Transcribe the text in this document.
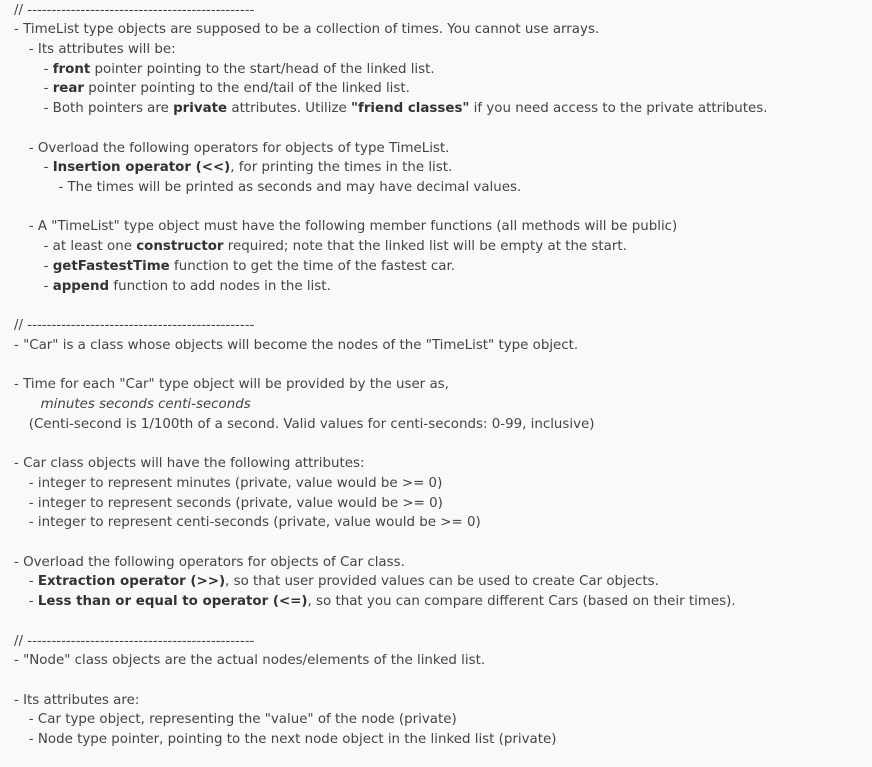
// -----------------------------------------------
- TimeList type objects are supposed to be a collection of times. You cannot use arrays.
- Its attributes will be:
- front pointer pointing to the start/head of the linked list.
- rear pointer pointing to the end/tail of the linked list.
- Both pointers are private attributes. Utilize "friend classes" if you need access to the private attributes.
- Overload the following operators for objects of type TimeList.
- Insertion operator (<<), for printing the times in the list.
- The times will be printed as seconds and may have decimal values.
- A "TimeList" type object must have the following member functions (all methods will be public)
- at least one constructor required; note that the linked list will be empty at the start.
- getFastestTime function to get the time of the fastest car.
- append function to add nodes in the list.
// -----------------------------------------------
- "Car" is a class whose objects will become the nodes of the "TimeList" type object.
- Time for each "Car" type object will be provided by the user as,
minutes seconds centi-seconds
(Centi-second is 1/100th of a second. Valid values for centi-seconds: 0-99, inclusive)
- Car class objects will have the following attributes:
- integer to represent minutes (private, value would be >= 0)
- integer to represent seconds (private, value would be >= 0)
- integer to represent centi-seconds (private, value would be >= 0)
- Overload the following operators for objects of Car class.
- Extraction operator (>>), so that user provided values can be used to create Car objects.
- Less than or equal to operator (<=), so that you can compare different Cars (based on their times).
// -----------------------------------------------
- "Node" class objects are the actual nodes/elements of the linked list.
- Its attributes are:
- Car type object, representing the "value" of the node (private)
- Node type pointer, pointing to the next node object in the linked list (private)
